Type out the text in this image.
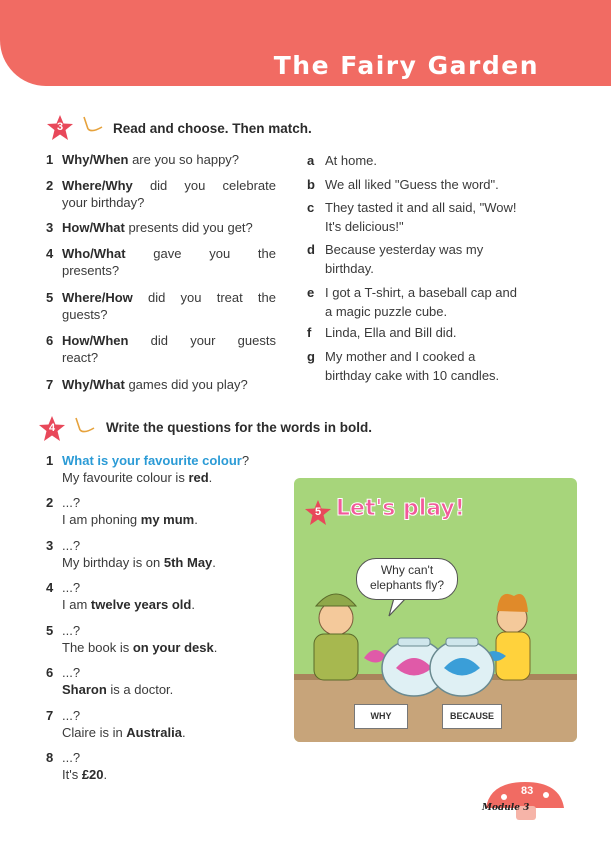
The Fairy Garden
3	Read and choose. Then match.
1 Why/When are you so happy?
2 Where/Why did you celebrate
your birthday?
3 How/What presents did you get?
4 Who/What gave you the
presents?
5 Where/How did you treat the
guests?
6 How/When did your guests
react?
7 Why/What games did you play?
a At home.
b We all liked "Guess the word".
c They tasted it and all said, "Wow!
It's delicious!"
d Because yesterday was my
birthday.
e I got a T-shirt, a baseball cap and
a magic puzzle cube.
f Linda, Ella and Bill did.
g My mother and I cooked a
birthday cake with 10 candles.
4	Write the questions for the words in bold.
1 What is your favourite colour?
My favourite colour is red.
2 ...?
I am phoning my mum.
3 ...?
My birthday is on 5th May.
4 ...?
I am twelve years old.
5 ...?
The book is on your desk.
6 ...?
Sharon is a doctor.
7 ...?
Claire is in Australia.
8 ...?
It's £20.
5 Let's play!
Why can't
elephants fly?
WHY	BECAUSE
83
Module 3
